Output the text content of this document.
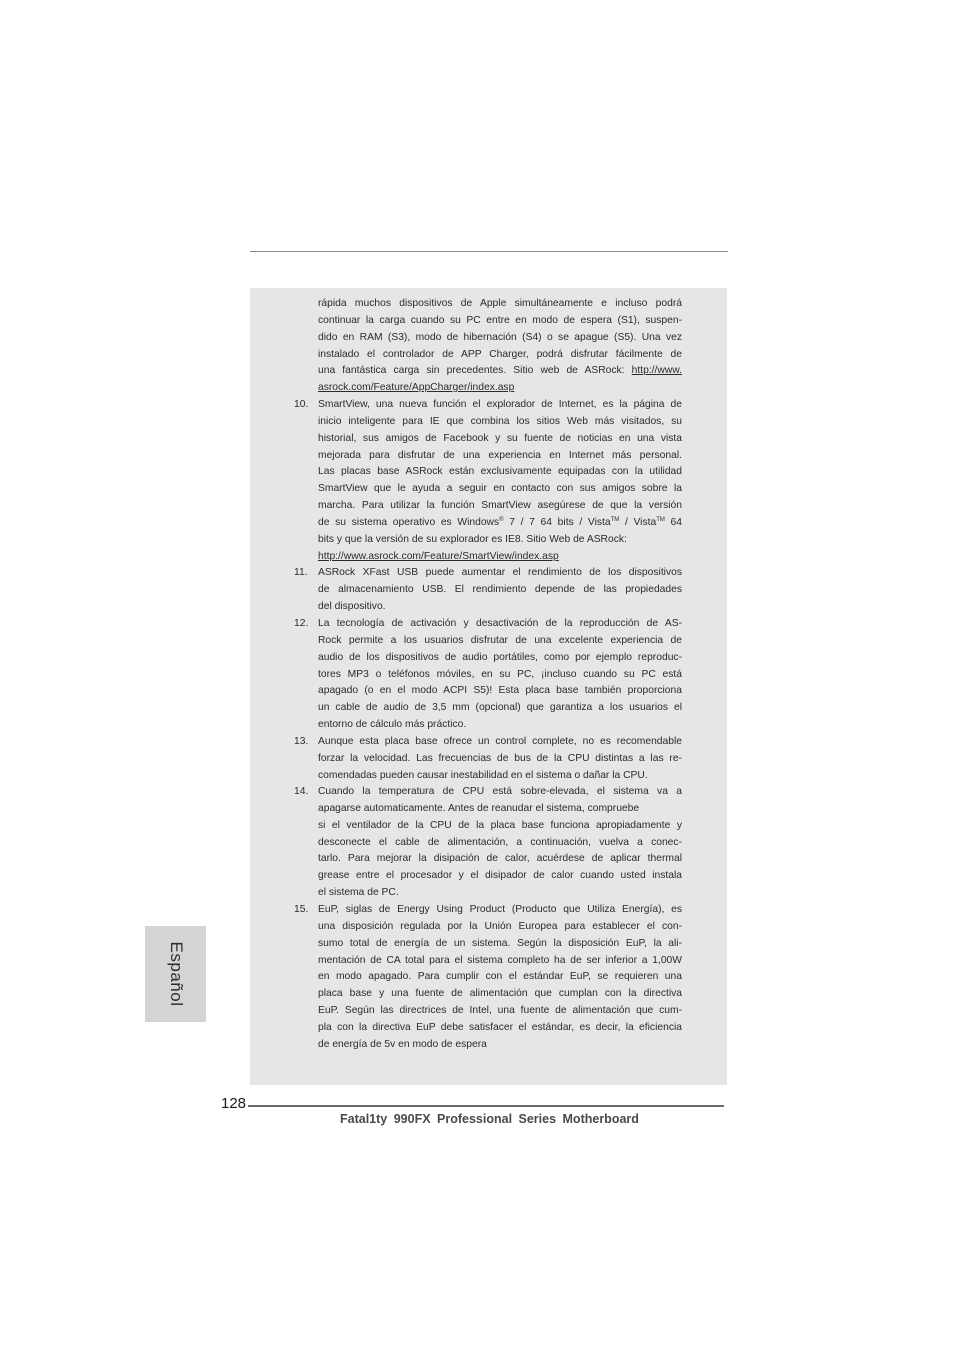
rápida muchos dispositivos de Apple simultáneamente e incluso podrá
continuar la carga cuando su PC entre en modo de espera (S1), suspen-
dido en RAM (S3), modo de hibernación (S4) o se apague (S5). Una vez
instalado el controlador de APP Charger, podrá disfrutar fácilmente de
una fantástica carga sin precedentes. Sitio web de ASRock: http://www.
asrock.com/Feature/AppCharger/index.asp
10. SmartView, una nueva función el explorador de Internet, es la página de
inicio inteligente para IE que combina los sitios Web más visitados, su
historial, sus amigos de Facebook y su fuente de noticias en una vista
mejorada para disfrutar de una experiencia en Internet más personal.
Las placas base ASRock están exclusivamente equipadas con la utilidad
SmartView que le ayuda a seguir en contacto con sus amigos sobre la
marcha. Para utilizar la función SmartView asegúrese de que la versión
de su sistema operativo es Windows® 7 / 7 64 bits / Vista™ / Vista™ 64
bits y que la versión de su explorador es IE8. Sitio Web de ASRock:
http://www.asrock.com/Feature/SmartView/index.asp
11.	ASRock XFast USB puede aumentar el rendimiento de los dispositivos
de almacenamiento USB. El rendimiento depende de las propiedades
del dispositivo.
12. La tecnología de activación y desactivación de la reproducción de AS-
Rock permite a los usuarios disfrutar de una excelente experiencia de
audio de los dispositivos de audio portátiles, como por ejemplo reproduc-
tores MP3 o teléfonos móviles, en su PC, ¡incluso cuando su PC está
apagado (o en el modo ACPI S5)! Esta placa base también proporciona
un cable de audio de 3,5 mm (opcional) que garantiza a los usuarios el
entorno de cálculo más práctico.
13. Aunque esta placa base ofrece un control complete, no es recomendable
forzar la velocidad. Las frecuencias de bus de la CPU distintas a las re-
comendadas pueden causar inestabilidad en el sistema o dañar la CPU.
14. Cuando la temperatura de CPU está sobre-elevada, el sistema va a
apagarse automaticamente. Antes de reanudar el sistema, compruebe
si el ventilador de la CPU de la placa base funciona apropiadamente y
desconecte el cable de alimentación, a continuación, vuelva a conec-
tarlo. Para mejorar la disipación de calor, acuérdese de aplicar thermal
grease entre el procesador y el disipador de calor cuando usted instala
el sistema de PC.
15. EuP, siglas de Energy Using Product (Producto que Utiliza Energía), es
una disposición regulada por la Unión Europea para establecer el con-
sumo total de energía de un sistema. Según la disposición EuP, la ali-
mentación de CA total para el sistema completo ha de ser inferior a 1,00W
en modo apagado. Para cumplir con el estándar EuP, se requieren una
placa base y una fuente de alimentación que cumplan con la directiva
EuP. Según las directrices de Intel, una fuente de alimentación que cum-
pla con la directiva EuP debe satisfacer el estándar, es decir, la eficiencia
de energía de 5v en modo de espera
Español
128
Fatal1ty 990FX Professional Series Motherboard
